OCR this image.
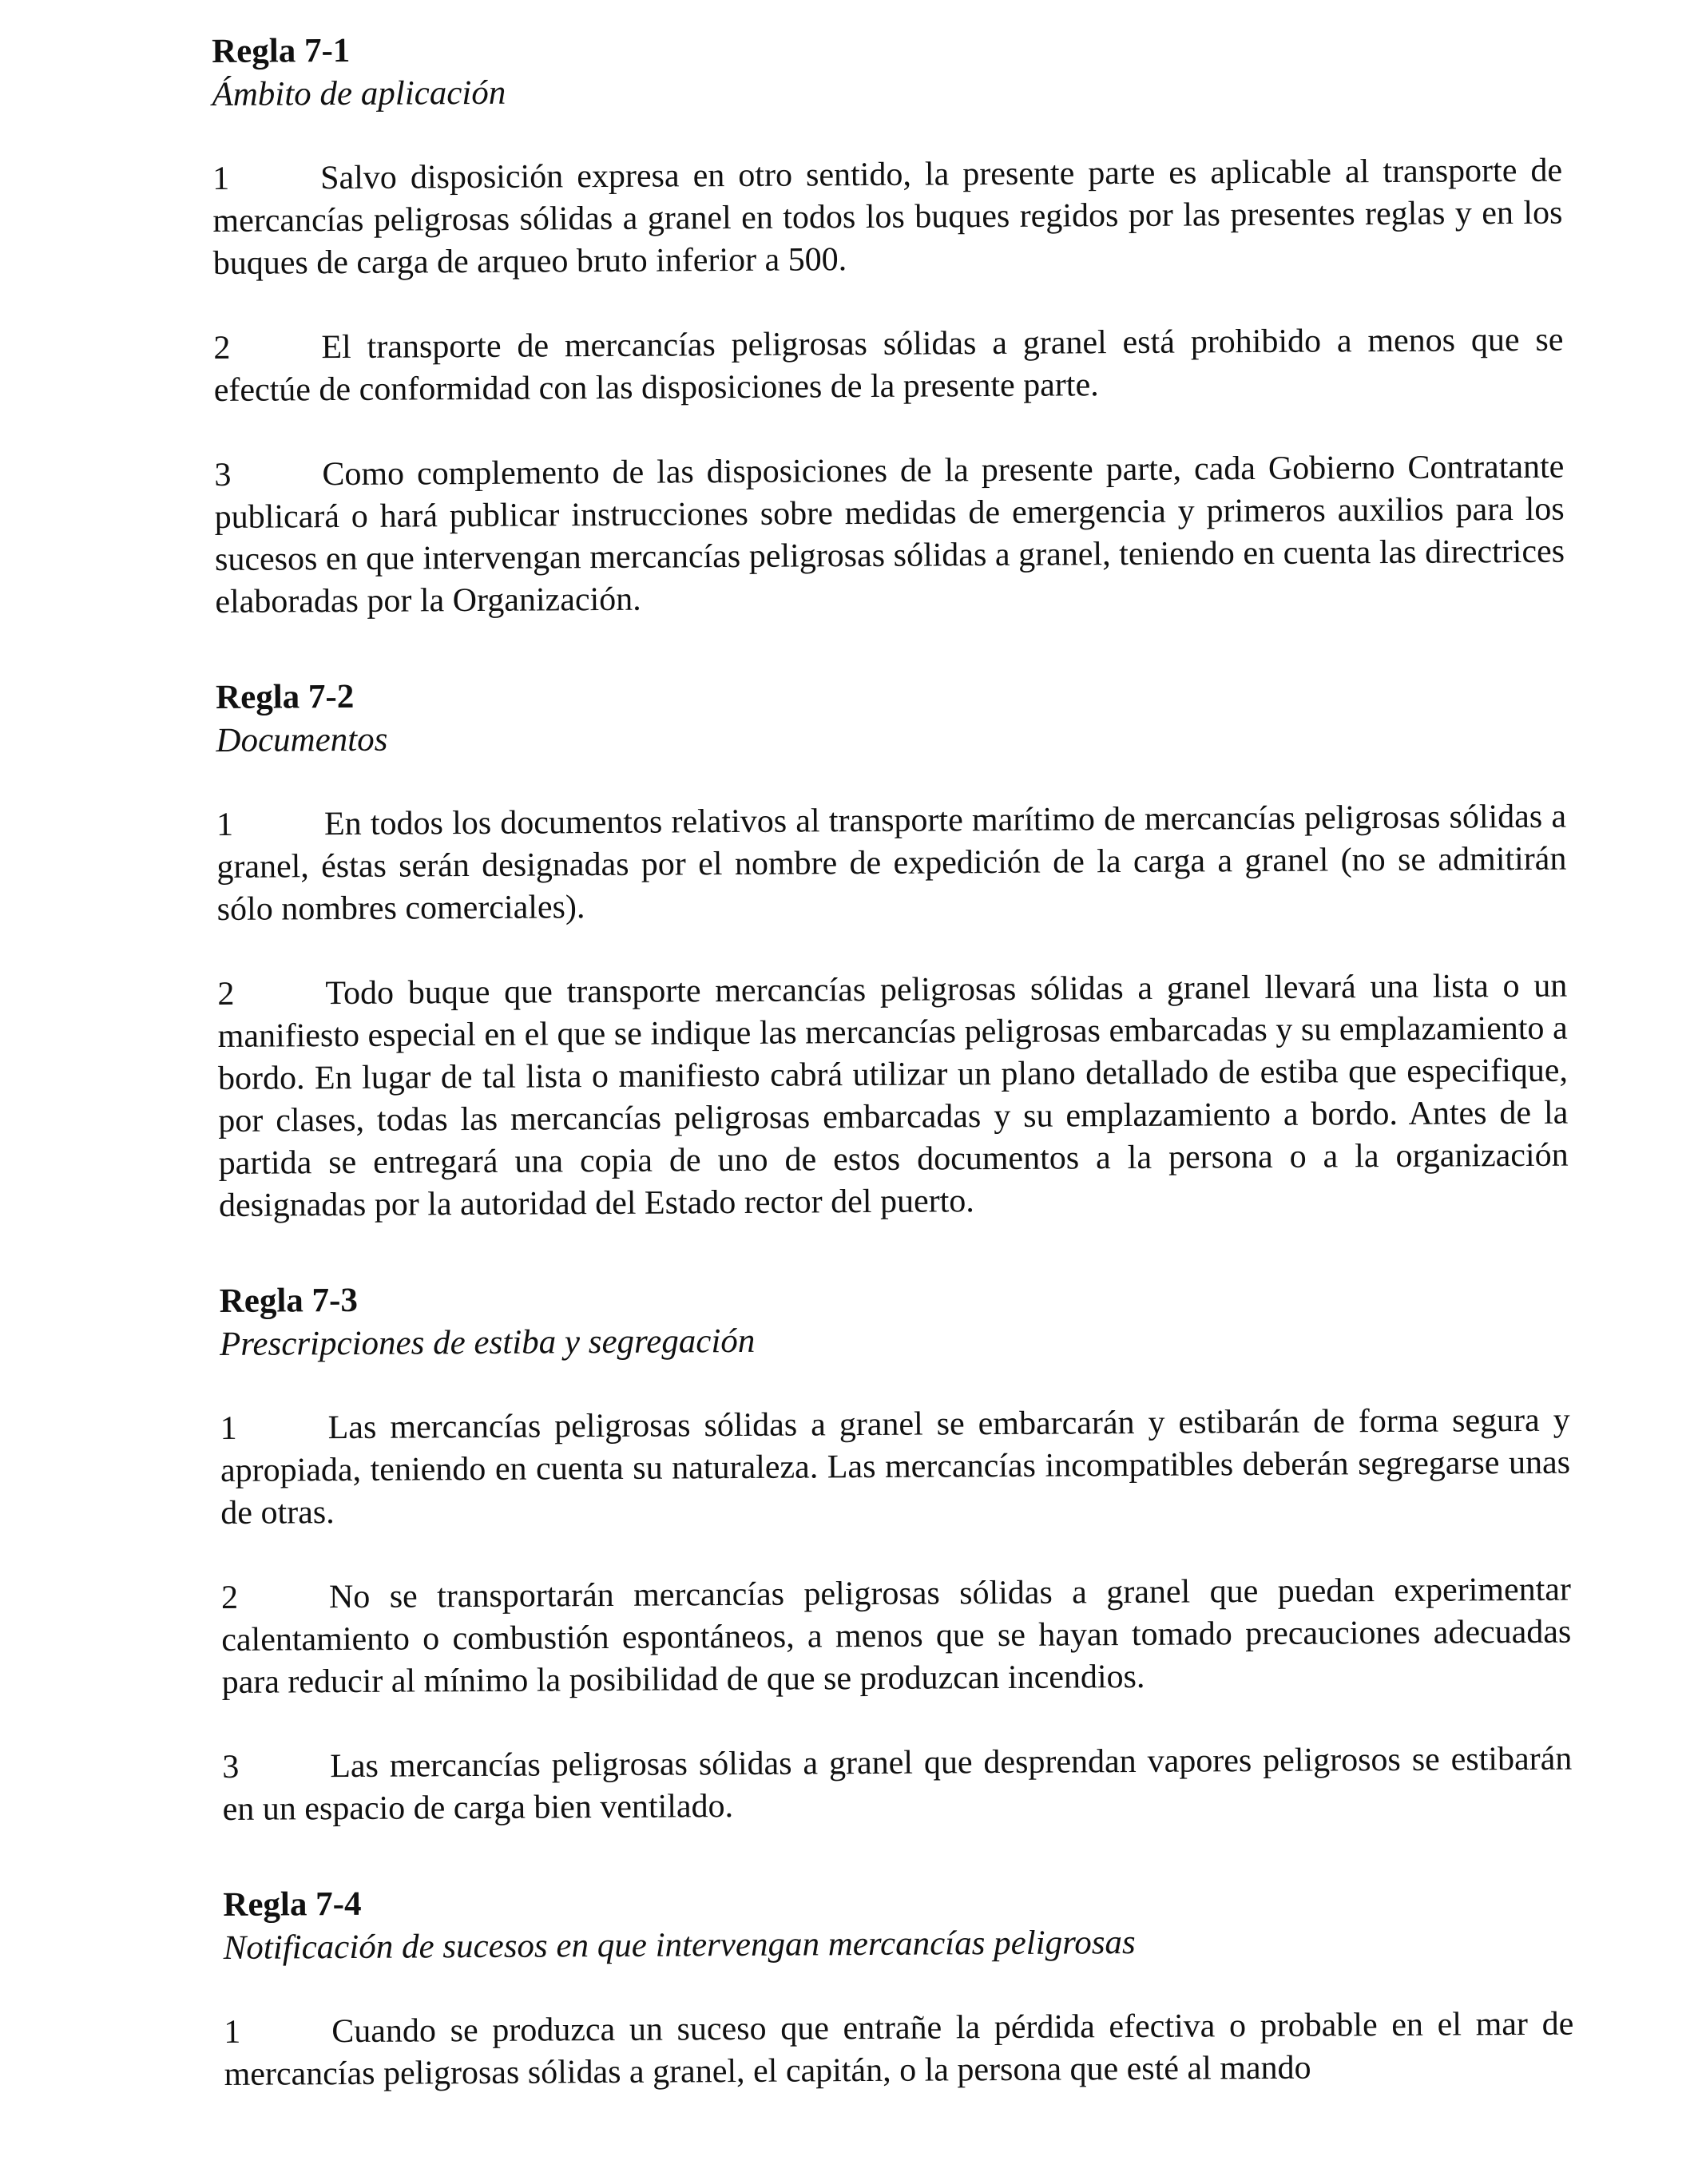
Regla 7-1
Ámbito de aplicación

1	Salvo disposición expresa en otro sentido, la presente parte es aplicable al transporte de mercancías peligrosas sólidas a granel en todos los buques regidos por las presentes reglas y en los buques de carga de arqueo bruto inferior a 500.

2	El transporte de mercancías peligrosas sólidas a granel está prohibido a menos que se efectúe de conformidad con las disposiciones de la presente parte.

3	Como complemento de las disposiciones de la presente parte, cada Gobierno Contratante publicará o hará publicar instrucciones sobre medidas de emergencia y primeros auxilios para los sucesos en que intervengan mercancías peligrosas sólidas a granel, teniendo en cuenta las directrices elaboradas por la Organización.

Regla 7-2
Documentos

1	En todos los documentos relativos al transporte marítimo de mercancías peligrosas sólidas a granel, éstas serán designadas por el nombre de expedición de la carga a granel (no se admitirán sólo nombres comerciales).

2	Todo buque que transporte mercancías peligrosas sólidas a granel llevará una lista o un manifiesto especial en el que se indique las mercancías peligrosas embarcadas y su emplazamiento a bordo. En lugar de tal lista o manifiesto cabrá utilizar un plano detallado de estiba que especifique, por clases, todas las mercancías peligrosas embarcadas y su emplazamiento a bordo. Antes de la partida se entregará una copia de uno de estos documentos a la persona o a la organización designadas por la autoridad del Estado rector del puerto.

Regla 7-3
Prescripciones de estiba y segregación

1	Las mercancías peligrosas sólidas a granel se embarcarán y estibarán de forma segura y apropiada, teniendo en cuenta su naturaleza. Las mercancías incompatibles deberán segregarse unas de otras.

2	No se transportarán mercancías peligrosas sólidas a granel que puedan experimentar calentamiento o combustión espontáneos, a menos que se hayan tomado precauciones adecuadas para reducir al mínimo la posibilidad de que se produzcan incendios.

3	Las mercancías peligrosas sólidas a granel que desprendan vapores peligrosos se estibarán en un espacio de carga bien ventilado.

Regla 7-4
Notificación de sucesos en que intervengan mercancías peligrosas

1	Cuando se produzca un suceso que entrañe la pérdida efectiva o probable en el mar de mercancías peligrosas sólidas a granel, el capitán, o la persona que esté al mando
